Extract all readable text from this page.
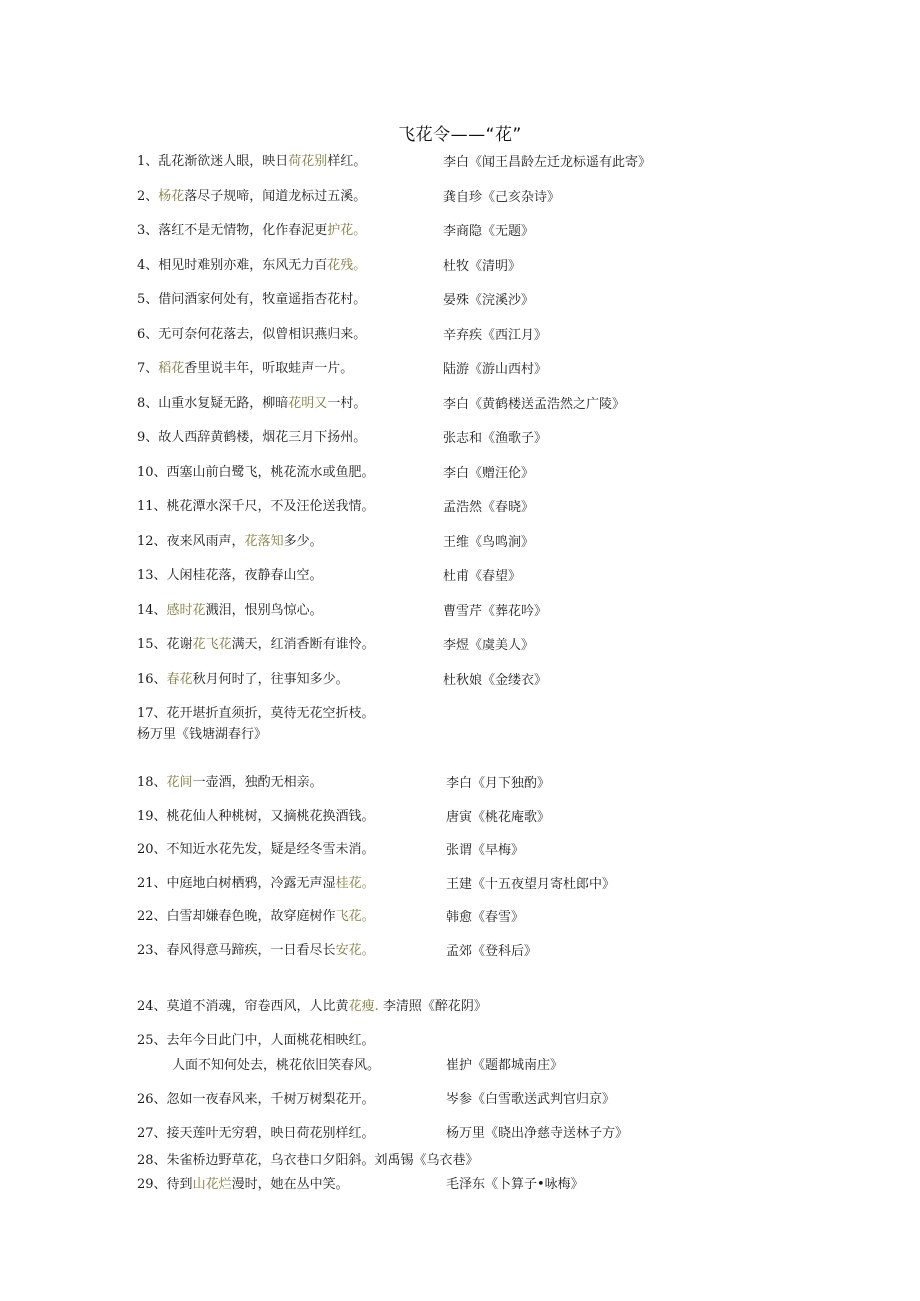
飞花令——“花”
1、乱花渐欲迷人眼，映日荷花别样红。	李白《闻王昌龄左迁龙标遥有此寄》
2、杨花落尽子规啼，闻道龙标过五溪。	龚自珍《己亥杂诗》
3、落红不是无情物，化作春泥更护花。	李商隐《无题》
4、相见时难别亦难，东风无力百花残。	杜牧《清明》
5、借问酒家何处有，牧童遥指杏花村。	晏殊《浣溪沙》
6、无可奈何花落去，似曾相识燕归来。	辛弃疾《西江月》
7、稻花香里说丰年，听取蛙声一片。	陆游《游山西村》
8、山重水复疑无路，柳暗花明又一村。	李白《黄鹤楼送孟浩然之广陵》
9、故人西辞黄鹤楼，烟花三月下扬州。	张志和《渔歌子》
10、西塞山前白鹭飞，桃花流水或鱼肥。	李白《赠汪伦》
11、桃花潭水深千尺，不及汪伦送我情。	孟浩然《春晓》
12、夜来风雨声，花落知多少。	王维《鸟鸣涧》
13、人闲桂花落，夜静春山空。	杜甫《春望》
14、感时花溅泪，恨别鸟惊心。	曹雪芹《葬花吟》
15、花谢花飞花满天，红消香断有谁怜。	李煜《虞美人》
16、春花秋月何时了，往事知多少。	杜秋娘《金缕衣》
17、花开堪折直须折，莫待无花空折枝。
杨万里《钱塘湖春行》
18、花间一壶酒，独酌无相亲。	李白《月下独酌》
19、桃花仙人种桃树，又摘桃花换酒钱。	唐寅《桃花庵歌》
20、不知近水花先发，疑是经冬雪未消。	张谓《早梅》
21、中庭地白树栖鸦，冷露无声湿桂花。	王建《十五夜望月寄杜郎中》
22、白雪却嫌春色晚，故穿庭树作飞花。	韩愈《春雪》
23、春风得意马蹄疾，一日看尽长安花。	孟郊《登科后》
24、莫道不消魂，帘卷西风，人比黄花瘦. 李清照《醉花阴》
25、去年今日此门中，人面桃花相映红。
人面不知何处去，桃花依旧笑春风。	崔护《题都城南庄》
26、忽如一夜春风来，千树万树梨花开。	岑参《白雪歌送武判官归京》
27、接天莲叶无穷碧，映日荷花别样红。	杨万里《晓出净慈寺送林子方》
28、朱雀桥边野草花，乌衣巷口夕阳斜。刘禹锡《乌衣巷》
29、待到山花烂漫时，她在丛中笑。	毛泽东《卜算子•咏梅》
